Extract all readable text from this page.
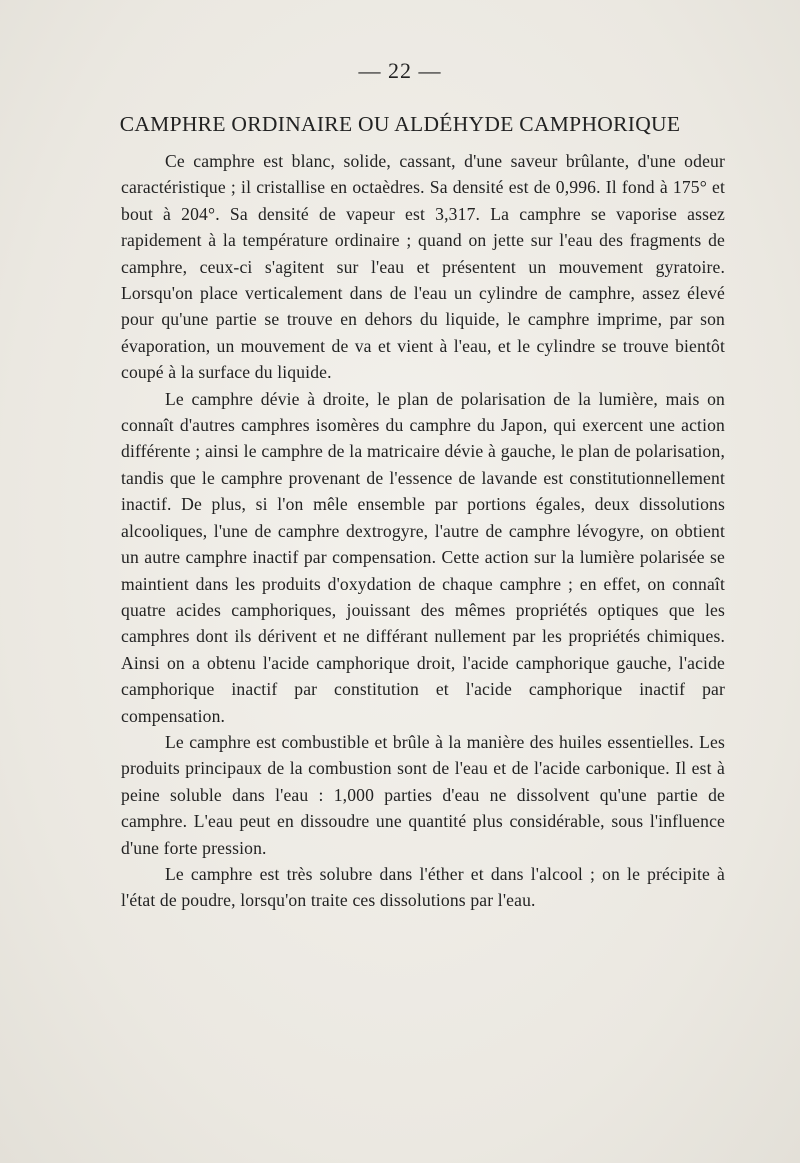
— 22 —
CAMPHRE ORDINAIRE OU ALDÉHYDE CAMPHORIQUE

Ce camphre est blanc, solide, cassant, d'une saveur brûlante, d'une odeur caractéristique ; il cristallise en octaèdres. Sa densité est de 0,996. Il fond à 175° et bout à 204°. Sa densité de vapeur est 3,317. La camphre se vaporise assez rapidement à la température ordinaire ; quand on jette sur l'eau des fragments de camphre, ceux-ci s'agitent sur l'eau et présentent un mouvement gyratoire. Lorsqu'on place verticalement dans de l'eau un cylindre de camphre, assez élevé pour qu'une partie se trouve en dehors du liquide, le camphre imprime, par son évaporation, un mouvement de va et vient à l'eau, et le cylindre se trouve bientôt coupé à la surface du liquide.

Le camphre dévie à droite, le plan de polarisation de la lumière, mais on connaît d'autres camphres isomères du camphre du Japon, qui exercent une action différente ; ainsi le camphre de la matricaire dévie à gauche, le plan de polarisation, tandis que le camphre provenant de l'essence de lavande est constitutionnellement inactif. De plus, si l'on mêle ensemble par portions égales, deux dissolutions alcooliques, l'une de camphre dextrogyre, l'autre de camphre lévogyre, on obtient un autre camphre inactif par compensation. Cette action sur la lumière polarisée se maintient dans les produits d'oxydation de chaque camphre ; en effet, on connaît quatre acides camphoriques, jouissant des mêmes propriétés optiques que les camphres dont ils dérivent et ne différant nullement par les propriétés chimiques. Ainsi on a obtenu l'acide camphorique droit, l'acide camphorique gauche, l'acide camphorique inactif par constitution et l'acide camphorique inactif par compensation.

Le camphre est combustible et brûle à la manière des huiles essentielles. Les produits principaux de la combustion sont de l'eau et de l'acide carbonique. Il est à peine soluble dans l'eau : 1,000 parties d'eau ne dissolvent qu'une partie de camphre. L'eau peut en dissoudre une quantité plus considérable, sous l'influence d'une forte pression.

Le camphre est très solubre dans l'éther et dans l'alcool ; on le précipite à l'état de poudre, lorsqu'on traite ces dissolutions par l'eau.
